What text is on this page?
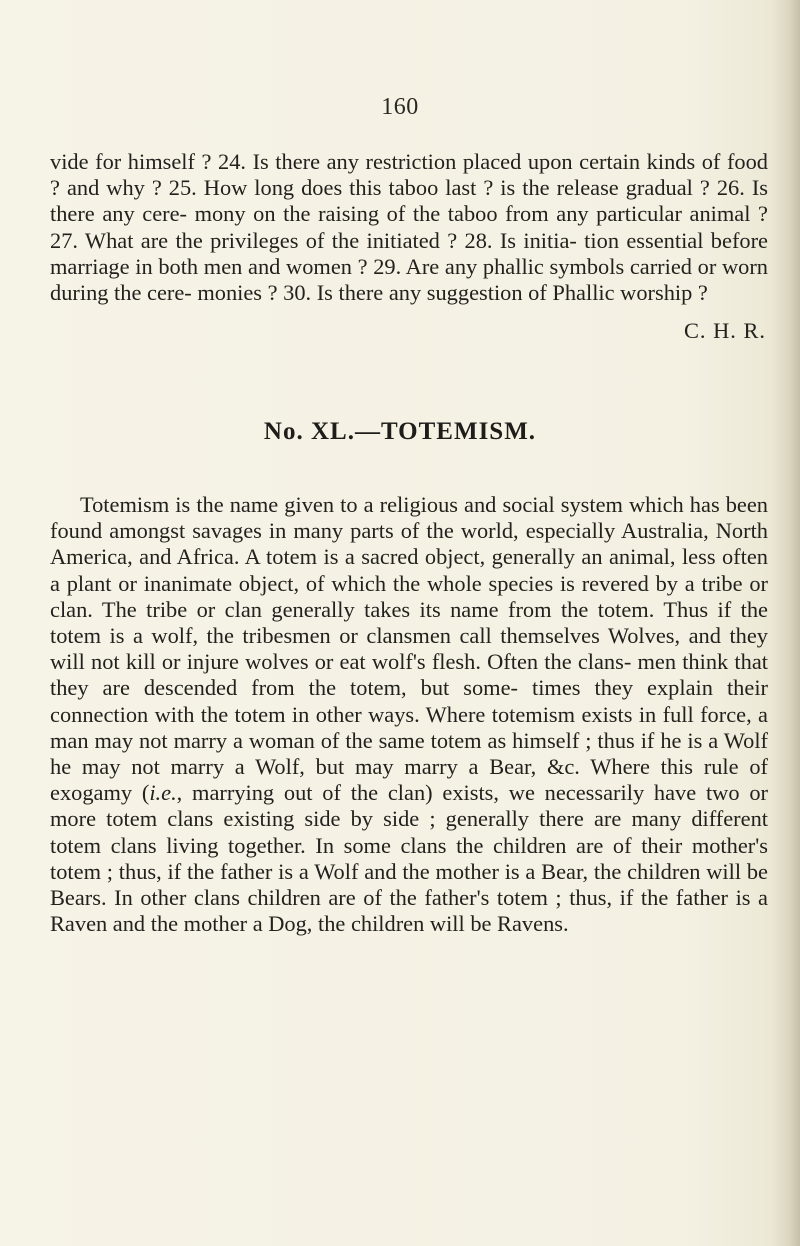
160

vide for himself ? 24. Is there any restriction placed upon certain kinds of food ? and why ? 25. How long does this taboo last ? is the release gradual ? 26. Is there any cere- mony on the raising of the taboo from any particular animal ? 27. What are the privileges of the initiated ? 28. Is initia- tion essential before marriage in both men and women ? 29. Are any phallic symbols carried or worn during the cere- monies ? 30. Is there any suggestion of Phallic worship ?

C. H. R.
No. XL.—TOTEMISM.

Totemism is the name given to a religious and social system which has been found amongst savages in many parts of the world, especially Australia, North America, and Africa. A totem is a sacred object, generally an animal, less often a plant or inanimate object, of which the whole species is revered by a tribe or clan. The tribe or clan generally takes its name from the totem. Thus if the totem is a wolf, the tribesmen or clansmen call themselves Wolves, and they will not kill or injure wolves or eat wolf's flesh. Often the clans- men think that they are descended from the totem, but some- times they explain their connection with the totem in other ways. Where totemism exists in full force, a man may not marry a woman of the same totem as himself ; thus if he is a Wolf he may not marry a Wolf, but may marry a Bear, &c. Where this rule of exogamy (i.e., marrying out of the clan) exists, we necessarily have two or more totem clans existing side by side ; generally there are many different totem clans living together. In some clans the children are of their mother's totem ; thus, if the father is a Wolf and the mother is a Bear, the children will be Bears. In other clans children are of the father's totem ; thus, if the father is a Raven and the mother a Dog, the children will be Ravens.
